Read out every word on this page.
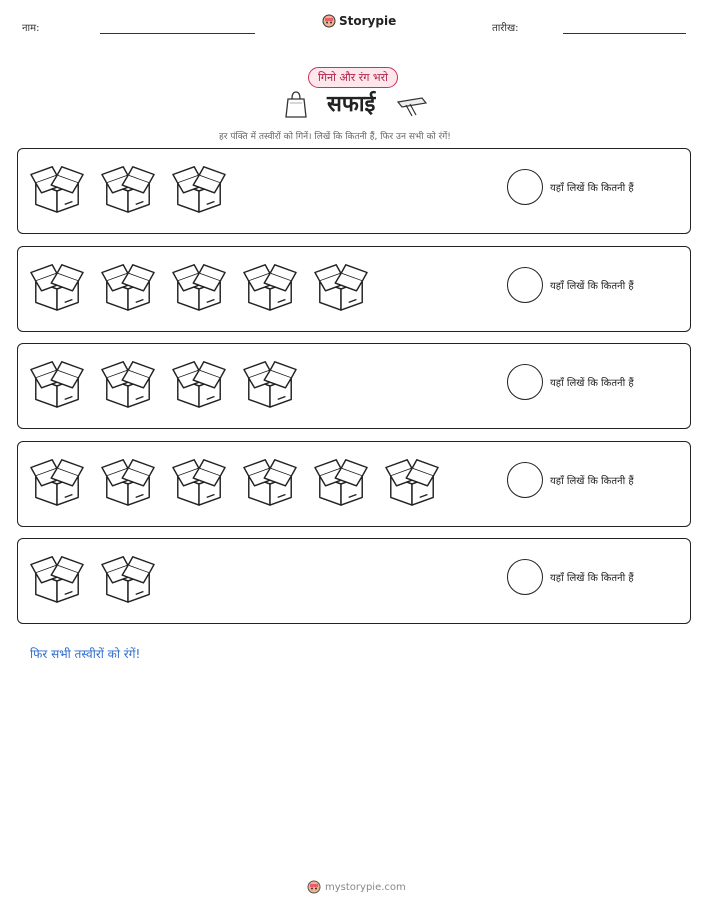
नाम:
Storypie
तारीख:
गिनो और रंग भरो
सफाई
हर पंक्ति में तस्वीरों को गिनें। लिखें कि कितनी हैं, फिर उन सभी को रंगें!
यहाँ लिखें कि कितनी हैं
यहाँ लिखें कि कितनी हैं
यहाँ लिखें कि कितनी हैं
यहाँ लिखें कि कितनी हैं
यहाँ लिखें कि कितनी हैं
फिर सभी तस्वीरों को रंगें!
mystorypie.com
